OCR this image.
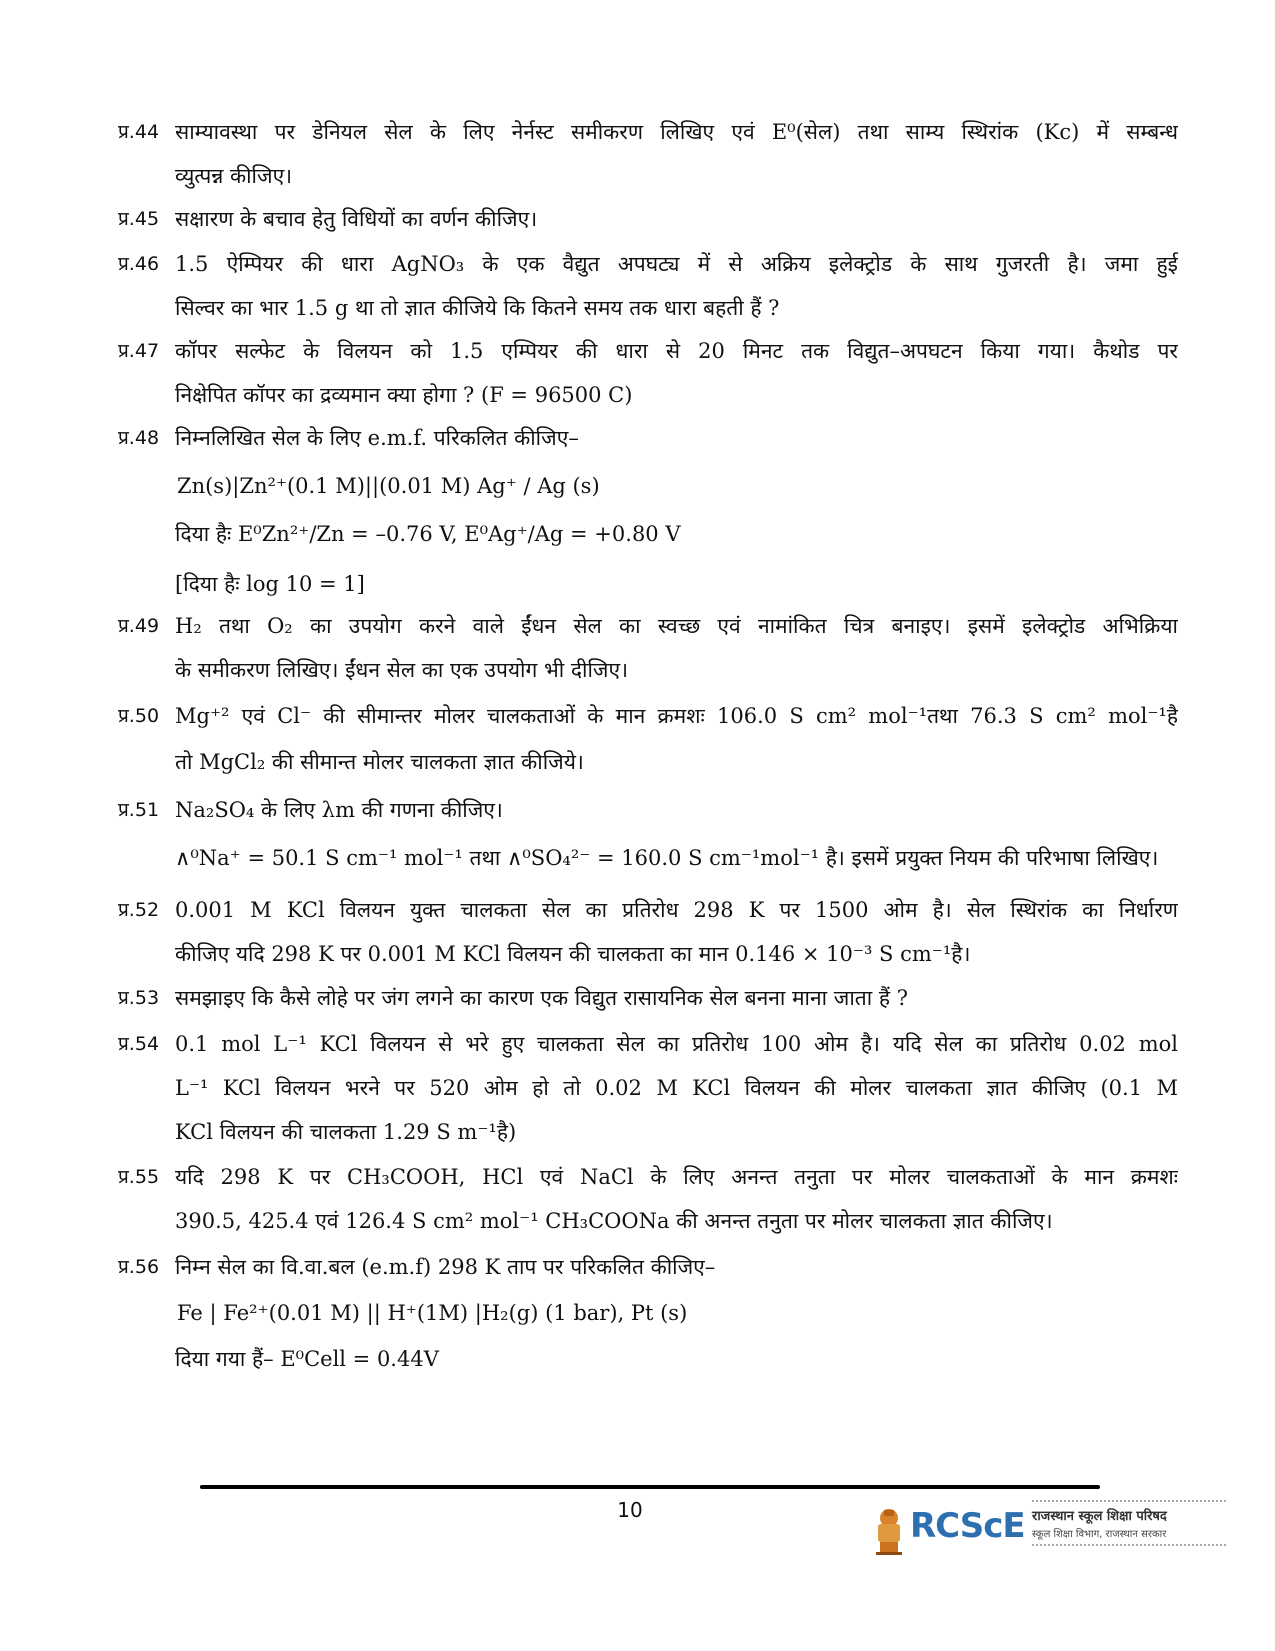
प्र.44 साम्यावस्था पर डेनियल सेल के लिए नेर्नस्ट समीकरण लिखिए एवं E⁰(सेल) तथा साम्य स्थिरांक (Kc) में सम्बन्ध

व्युत्पन्न कीजिए।

प्र.45 सक्षारण के बचाव हेतु विधियों का वर्णन कीजिए।

प्र.46 1.5 ऐम्पियर की धारा AgNO₃ के एक वैद्युत अपघट्य में से अक्रिय इलेक्ट्रोड के साथ गुजरती है। जमा हुई

सिल्वर का भार 1.5 g था तो ज्ञात कीजिये कि कितने समय तक धारा बहती हैं ?

प्र.47 कॉपर सल्फेट के विलयन को 1.5 एम्पियर की धारा से 20 मिनट तक विद्युत–अपघटन किया गया। कैथोड पर

निक्षेपित कॉपर का द्रव्यमान क्या होगा ? (F = 96500 C)

प्र.48 निम्नलिखित सेल के लिए e.m.f. परिकलित कीजिए–

Zn(s)|Zn²⁺(0.1 M)||(0.01 M) Ag⁺ / Ag (s)

दिया हैः E⁰Zn²⁺/Zn = –0.76 V, E⁰Ag⁺/Ag = +0.80 V

[दिया हैः log 10 = 1]

प्र.49 H₂ तथा O₂ का उपयोग करने वाले ईंधन सेल का स्वच्छ एवं नामांकित चित्र बनाइए। इसमें इलेक्ट्रोड अभिक्रिया

के समीकरण लिखिए। ईंधन सेल का एक उपयोग भी दीजिए।

प्र.50 Mg⁺² एवं Cl⁻ की सीमान्तर मोलर चालकताओं के मान क्रमशः 106.0 S cm² mol⁻¹तथा 76.3 S cm² mol⁻¹है

तो MgCl₂ की सीमान्त मोलर चालकता ज्ञात कीजिये।

प्र.51 Na₂SO₄ के लिए λm की गणना कीजिए।

∧⁰Na⁺ = 50.1 S cm⁻¹ mol⁻¹ तथा ∧⁰SO₄²⁻ = 160.0 S cm⁻¹mol⁻¹ है। इसमें प्रयुक्त नियम की परिभाषा लिखिए।

प्र.52 0.001 M KCl विलयन युक्त चालकता सेल का प्रतिरोध 298 K पर 1500 ओम है। सेल स्थिरांक का निर्धारण

कीजिए यदि 298 K पर 0.001 M KCl विलयन की चालकता का मान 0.146 × 10⁻³ S cm⁻¹है।

प्र.53 समझाइए कि कैसे लोहे पर जंग लगने का कारण एक विद्युत रासायनिक सेल बनना माना जाता हैं ?

प्र.54 0.1 mol L⁻¹ KCl विलयन से भरे हुए चालकता सेल का प्रतिरोध 100 ओम है। यदि सेल का प्रतिरोध 0.02 mol

L⁻¹ KCl विलयन भरने पर 520 ओम हो तो 0.02 M KCl विलयन की मोलर चालकता ज्ञात कीजिए (0.1 M

KCl विलयन की चालकता 1.29 S m⁻¹है)

प्र.55 यदि 298 K पर CH₃COOH, HCl एवं NaCl के लिए अनन्त तनुता पर मोलर चालकताओं के मान क्रमशः

390.5, 425.4 एवं 126.4 S cm² mol⁻¹ CH₃COONa की अनन्त तनुता पर मोलर चालकता ज्ञात कीजिए।

प्र.56 निम्न सेल का वि.वा.बल (e.m.f) 298 K ताप पर परिकलित कीजिए–

Fe | Fe²⁺(0.01 M) || H⁺(1M) |H₂(g) (1 bar), Pt (s)

दिया गया हैं– E⁰Cell = 0.44V

10	RCScE राजस्थान स्कूल शिक्षा परिषद
स्कूल शिक्षा विभाग, राजस्थान सरकार
